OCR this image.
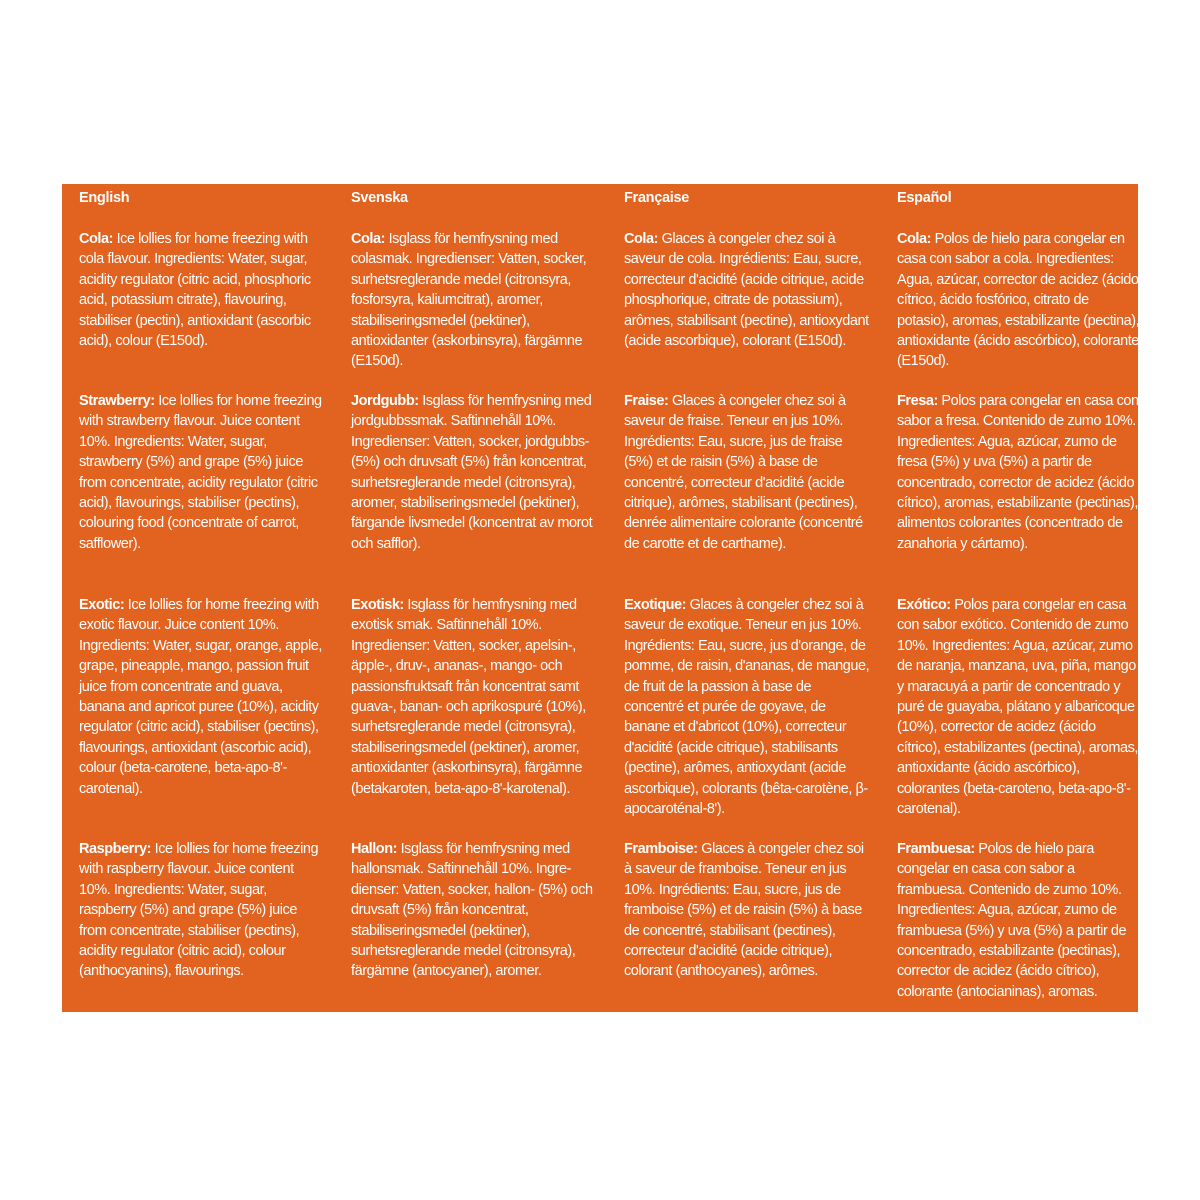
English

Cola: Ice lollies for home freezing with cola flavour. Ingredients: Water, sugar, acidity regulator (citric acid, phosphoric acid, potassium citrate), flavouring, stabiliser (pectin), antioxidant (ascorbic acid), colour (E150d).

Strawberry: Ice lollies for home freezing with strawberry flavour. Juice content 10%. Ingredients: Water, sugar, strawberry (5%) and grape (5%) juice from concentrate, acidity regulator (citric acid), flavourings, stabiliser (pectins), colouring food (concentrate of carrot, safflower).

Exotic: Ice lollies for home freezing with exotic flavour. Juice content 10%. Ingredients: Water, sugar, orange, apple, grape, pineapple, mango, passion fruit juice from concentrate and guava, banana and apricot puree (10%), acidity regulator (citric acid), stabiliser (pectins), flavourings, antioxidant (ascorbic acid), colour (beta-carotene, beta-apo-8'-carotenal).

Raspberry: Ice lollies for home freezing with raspberry flavour. Juice content 10%. Ingredients: Water, sugar, raspberry (5%) and grape (5%) juice from concentrate, stabiliser (pectins), acidity regulator (citric acid), colour (anthocyanins), flavourings.

Svenska

Cola: Isglass för hemfrysning med colasmak. Ingredienser: Vatten, socker, surhetsreglerande medel (citronsyra, fosforsyra, kaliumcitrat), aromer, stabiliseringsmedel (pektiner), antioxidanter (askorbinsyra), färgämne (E150d).

Jordgubb: Isglass för hemfrysning med jordgubbssmak. Saftinnehåll 10%. Ingredienser: Vatten, socker, jordgubbs- (5%) och druvsaft (5%) från koncentrat, surhetsreglerande medel (citronsyra), aromer, stabiliseringsmedel (pektiner), färgande livsmedel (koncentrat av morot och safflor).

Exotisk: Isglass för hemfrysning med exotisk smak. Saftinnehåll 10%. Ingredienser: Vatten, socker, apelsin-, äpple-, druv-, ananas-, mango- och passionsfruktsaft från koncentrat samt guava-, banan- och aprikospuré (10%), surhetsreglerande medel (citronsyra), stabiliseringsmedel (pektiner), aromer, antioxidanter (askorbinsyra), färgämne (betakaroten, beta-apo-8'-karotenal).

Hallon: Isglass för hemfrysning med hallonsmak. Saftinnehåll 10%. Ingre-dienser: Vatten, socker, hallon- (5%) och druvsaft (5%) från koncentrat, stabiliseringsmedel (pektiner), surhetsreglerande medel (citronsyra), färgämne (antocyaner), aromer.

Française

Cola: Glaces à congeler chez soi à saveur de cola. Ingrédients: Eau, sucre, correcteur d'acidité (acide citrique, acide phosphorique, citrate de potassium), arômes, stabilisant (pectine), antioxydant (acide ascorbique), colorant (E150d).

Fraise: Glaces à congeler chez soi à saveur de fraise. Teneur en jus 10%. Ingrédients: Eau, sucre, jus de fraise (5%) et de raisin (5%) à base de concentré, correcteur d'acidité (acide citrique), arômes, stabilisant (pectines), denrée alimentaire colorante (concentré de carotte et de carthame).

Exotique: Glaces à congeler chez soi à saveur de exotique. Teneur en jus 10%. Ingrédients: Eau, sucre, jus d'orange, de pomme, de raisin, d'ananas, de mangue, de fruit de la passion à base de concentré et purée de goyave, de banane et d'abricot (10%), correcteur d'acidité (acide citrique), stabilisants (pectine), arômes, antioxydant (acide ascorbique), colorants (bêta-carotène, β-apocaroténal-8').

Framboise: Glaces à congeler chez soi à saveur de framboise. Teneur en jus 10%. Ingrédients: Eau, sucre, jus de framboise (5%) et de raisin (5%) à base de concentré, stabilisant (pectines), correcteur d'acidité (acide citrique), colorant (anthocyanes), arômes.

Español

Cola: Polos de hielo para congelar en casa con sabor a cola. Ingredientes: Agua, azúcar, corrector de acidez (ácido cítrico, ácido fosfórico, citrato de potasio), aromas, estabilizante (pectina), antioxidante (ácido ascórbico), colorante (E150d).

Fresa: Polos para congelar en casa con sabor a fresa. Contenido de zumo 10%. Ingredientes: Agua, azúcar, zumo de fresa (5%) y uva (5%) a partir de concentrado, corrector de acidez (ácido cítrico), aromas, estabilizante (pectinas), alimentos colorantes (concentrado de zanahoria y cártamo).

Exótico: Polos para congelar en casa con sabor exótico. Contenido de zumo 10%. Ingredientes: Agua, azúcar, zumo de naranja, manzana, uva, piña, mango y maracuyá a partir de concentrado y puré de guayaba, plátano y albaricoque (10%), corrector de acidez (ácido cítrico), estabilizantes (pectina), aromas, antioxidante (ácido ascórbico), colorantes (beta-caroteno, beta-apo-8'-carotenal).

Frambuesa: Polos de hielo para congelar en casa con sabor a frambuesa. Contenido de zumo 10%. Ingredientes: Agua, azúcar, zumo de frambuesa (5%) y uva (5%) a partir de concentrado, estabilizante (pectinas), corrector de acidez (ácido cítrico), colorante (antocianinas), aromas.
